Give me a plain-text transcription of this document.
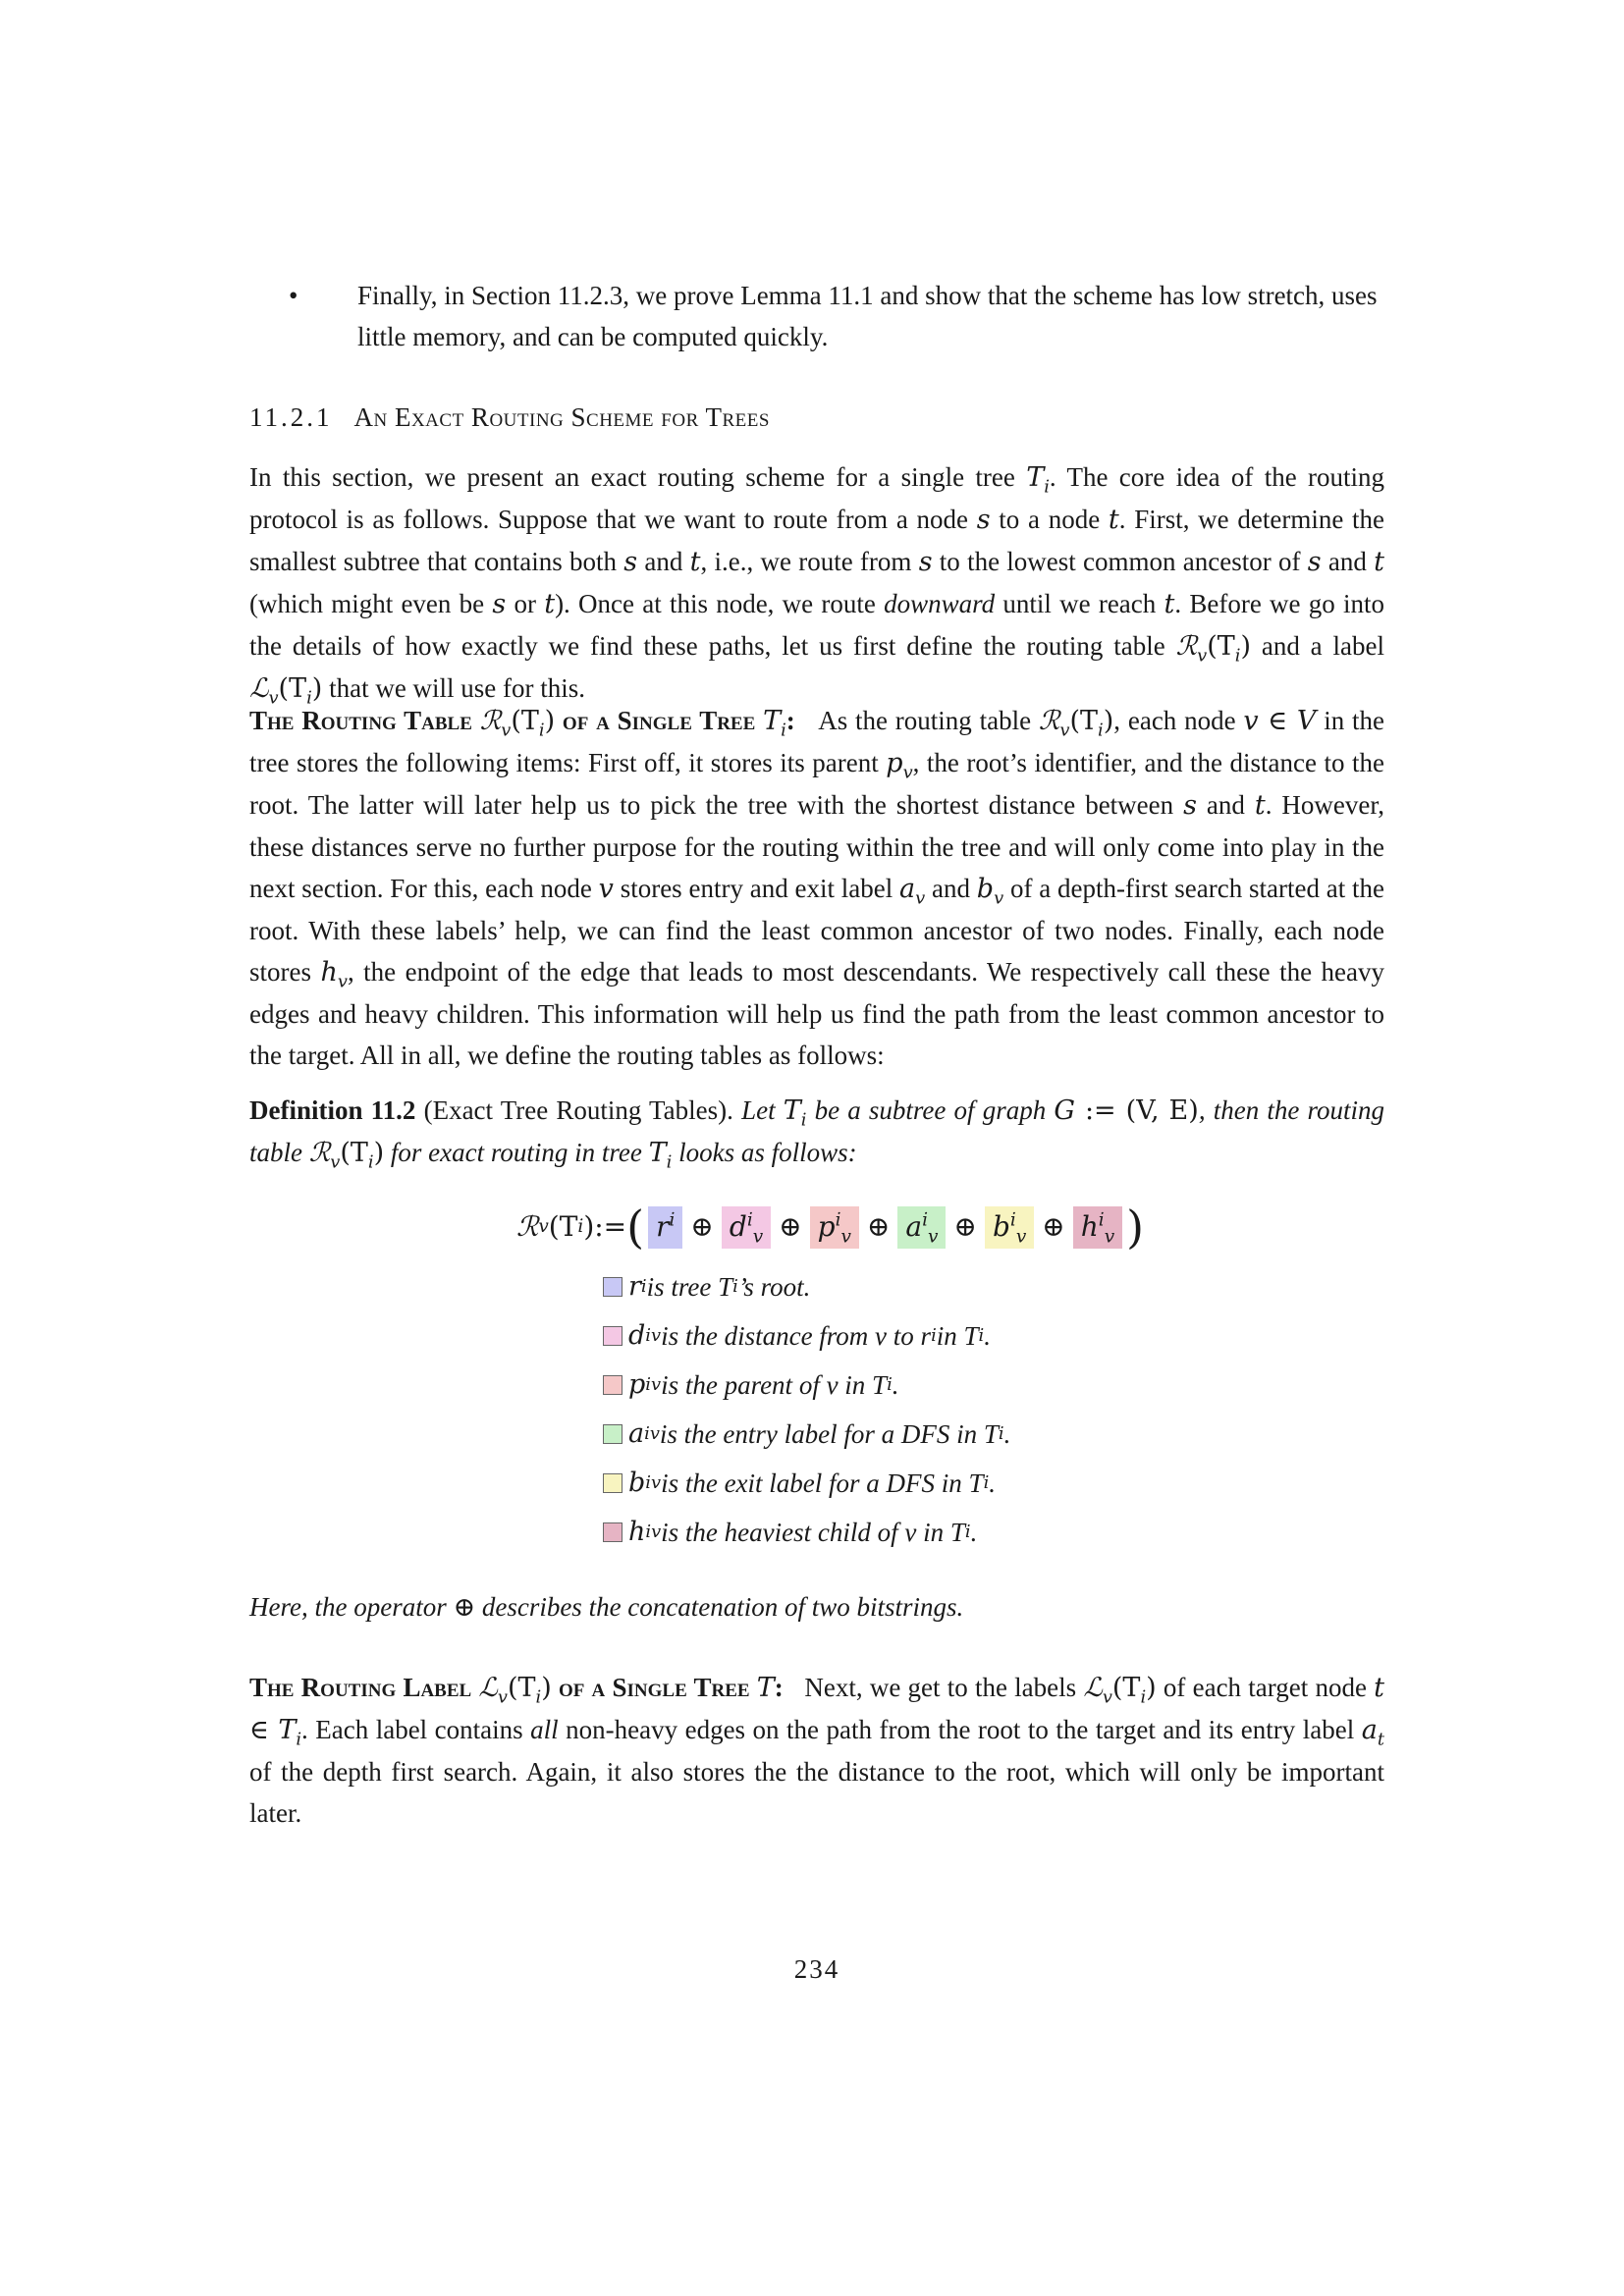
• Finally, in Section 11.2.3, we prove Lemma 11.1 and show that the scheme has low stretch, uses little memory, and can be computed quickly.
11.2.1 An Exact Routing Scheme for Trees
In this section, we present an exact routing scheme for a single tree $T_i$. The core idea of the routing protocol is as follows. Suppose that we want to route from a node s to a node t. First, we determine the smallest subtree that contains both s and t, i.e., we route from s to the lowest common ancestor of s and t (which might even be s or t). Once at this node, we route downward until we reach t. Before we go into the details of how exactly we find these paths, let us first define the routing table $ℛ_v(T_i)$ and a label $ℒ_v(T_i)$ that we will use for this.
The Routing Table $ℛ_v(T_i)$ of a Single Tree $T_i$: As the routing table $ℛ_v(T_i)$, each node v ∈ V in the tree stores the following items: First off, it stores its parent $p_v$, the root’s identifier, and the distance to the root. The latter will later help us to pick the tree with the shortest distance between s and t. However, these distances serve no further purpose for the routing within the tree and will only come into play in the next section. For this, each node v stores entry and exit label $a_v$ and $b_v$ of a depth-first search started at the root. With these labels’ help, we can find the least common ancestor of two nodes. Finally, each node stores $h_v$, the endpoint of the edge that leads to most descendants. We respectively call these the heavy edges and heavy children. This information will help us find the path from the least common ancestor to the target. All in all, we define the routing tables as follows:
Definition 11.2 (Exact Tree Routing Tables). Let $T_i$ be a subtree of graph G := (V, E), then the routing table $ℛ_v(T_i)$ for exact routing in tree $T_i$ looks as follows:
ℛ v (T i ) := ( $r^i$ ⊕ $d^i_v$ ⊕ $p^i_v$ ⊕ $a^i_v$ ⊕ $b^i_v$ ⊕ $h^i_v$ )
r i is tree T i ’s root.
d i v is the distance from v to r i in T i .
p i v is the parent of v in T i .
a i v is the entry label for a DFS in T i .
b i v is the exit label for a DFS in T i .
h i v is the heaviest child of v in T i .
Here, the operator ⊕ describes the concatenation of two bitstrings.
The Routing Label $ℒ_v(T_i)$ of a Single Tree T: Next, we get to the labels $ℒ_v(T_i)$ of each target node t ∈ $T_i$. Each label contains all non-heavy edges on the path from the root to the target and its entry label $a_t$ of the depth first search. Again, it also stores the the distance to the root, which will only be important later.
234
